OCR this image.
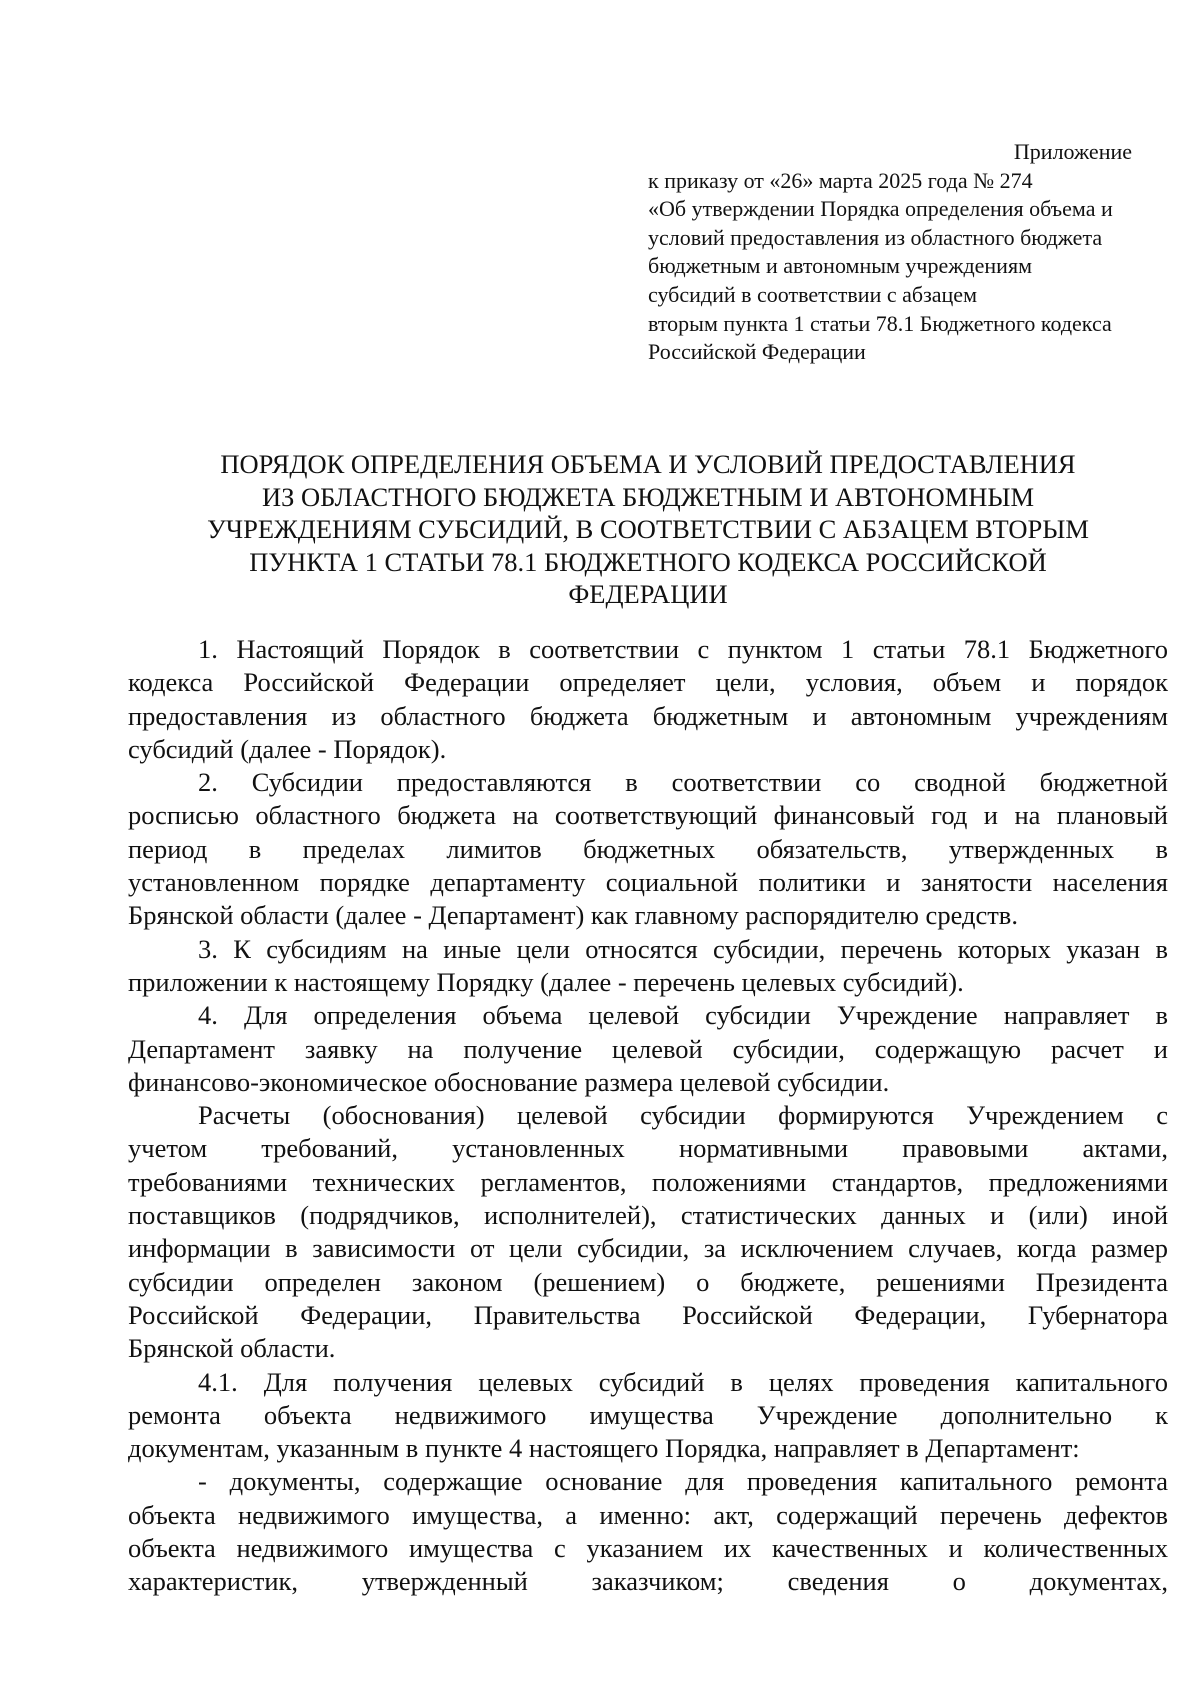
Приложение
к приказу от «26» марта 2025 года № 274
«Об утверждении Порядка определения объема и
условий предоставления из областного бюджета
бюджетным и автономным учреждениям
субсидий в соответствии с абзацем
вторым пункта 1 статьи 78.1 Бюджетного кодекса
Российской Федерации
ПОРЯДОК ОПРЕДЕЛЕНИЯ ОБЪЕМА И УСЛОВИЙ ПРЕДОСТАВЛЕНИЯ
ИЗ ОБЛАСТНОГО БЮДЖЕТА БЮДЖЕТНЫМ И АВТОНОМНЫМ
УЧРЕЖДЕНИЯМ СУБСИДИЙ, В СООТВЕТСТВИИ С АБЗАЦЕМ ВТОРЫМ
ПУНКТА 1 СТАТЬИ 78.1 БЮДЖЕТНОГО КОДЕКСА РОССИЙСКОЙ
ФЕДЕРАЦИИ
1. Настоящий Порядок в соответствии с пунктом 1 статьи 78.1 Бюджетного
кодекса Российской Федерации определяет цели, условия, объем и порядок
предоставления из областного бюджета бюджетным и автономным учреждениям
субсидий (далее - Порядок).
2. Субсидии предоставляются в соответствии со сводной бюджетной
росписью областного бюджета на соответствующий финансовый год и на плановый
период в пределах лимитов бюджетных обязательств, утвержденных в
установленном порядке департаменту социальной политики и занятости населения
Брянской области (далее - Департамент) как главному распорядителю средств.
3. К субсидиям на иные цели относятся субсидии, перечень которых указан в
приложении к настоящему Порядку (далее - перечень целевых субсидий).
4. Для определения объема целевой субсидии Учреждение направляет в
Департамент заявку на получение целевой субсидии, содержащую расчет и
финансово-экономическое обоснование размера целевой субсидии.
Расчеты (обоснования) целевой субсидии формируются Учреждением с
учетом требований, установленных нормативными правовыми актами,
требованиями технических регламентов, положениями стандартов, предложениями
поставщиков (подрядчиков, исполнителей), статистических данных и (или) иной
информации в зависимости от цели субсидии, за исключением случаев, когда размер
субсидии определен законом (решением) о бюджете, решениями Президента
Российской Федерации, Правительства Российской Федерации, Губернатора
Брянской области.
4.1. Для получения целевых субсидий в целях проведения капитального
ремонта объекта недвижимого имущества Учреждение дополнительно к
документам, указанным в пункте 4 настоящего Порядка, направляет в Департамент:
- документы, содержащие основание для проведения капитального ремонта
объекта недвижимого имущества, а именно: акт, содержащий перечень дефектов
объекта недвижимого имущества с указанием их качественных и количественных
характеристик, утвержденный заказчиком; сведения о документах,
